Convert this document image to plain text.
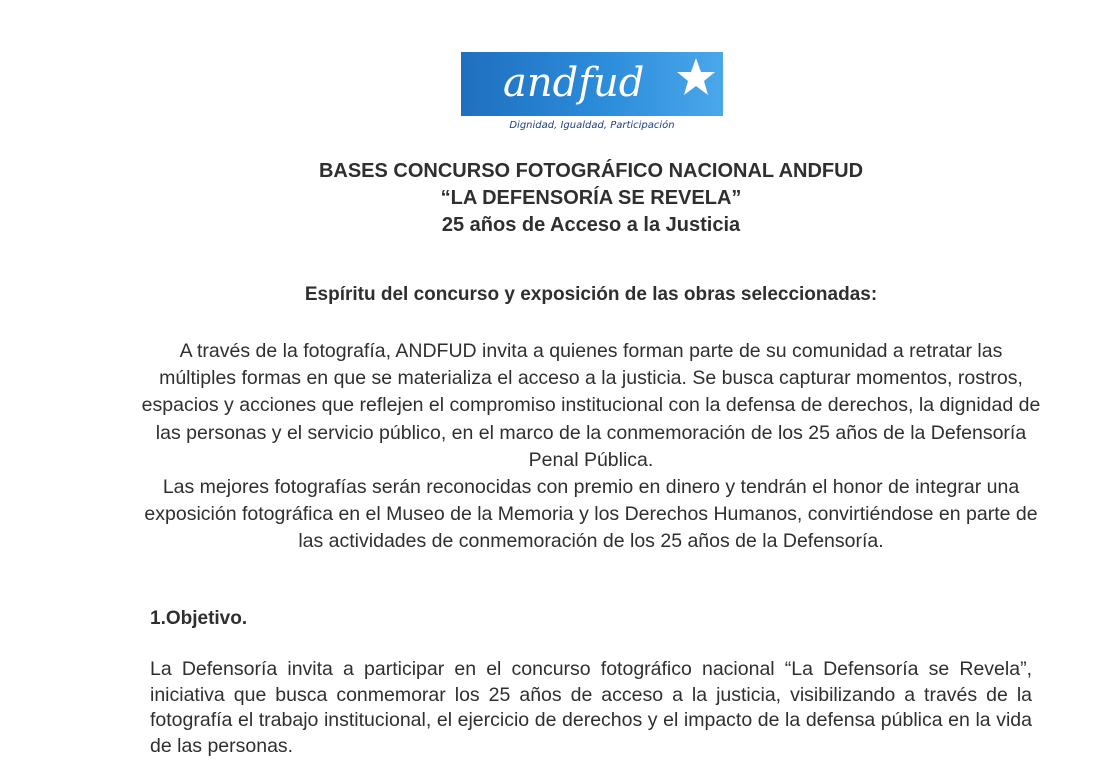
andfud
Dignidad, Igualdad, Participación
BASES CONCURSO FOTOGRÁFICO NACIONAL ANDFUD
“LA DEFENSORÍA SE REVELA”
25 años de Acceso a la Justicia
Espíritu del concurso y exposición de las obras seleccionadas:

A través de la fotografía, ANDFUD invita a quienes forman parte de su comunidad a retratar las múltiples formas en que se materializa el acceso a la justicia. Se busca capturar momentos, rostros, espacios y acciones que reflejen el compromiso institucional con la defensa de derechos, la dignidad de las personas y el servicio público, en el marco de la conmemoración de los 25 años de la Defensoría Penal Pública.

Las mejores fotografías serán reconocidas con premio en dinero y tendrán el honor de integrar una exposición fotográfica en el Museo de la Memoria y los Derechos Humanos, convirtiéndose en parte de las actividades de conmemoración de los 25 años de la Defensoría.

1.Objetivo.

La Defensoría invita a participar en el concurso fotográfico nacional “La Defensoría se Revela”, iniciativa que busca conmemorar los 25 años de acceso a la justicia, visibilizando a través de la fotografía el trabajo institucional, el ejercicio de derechos y el impacto de la defensa pública en la vida de las personas.
